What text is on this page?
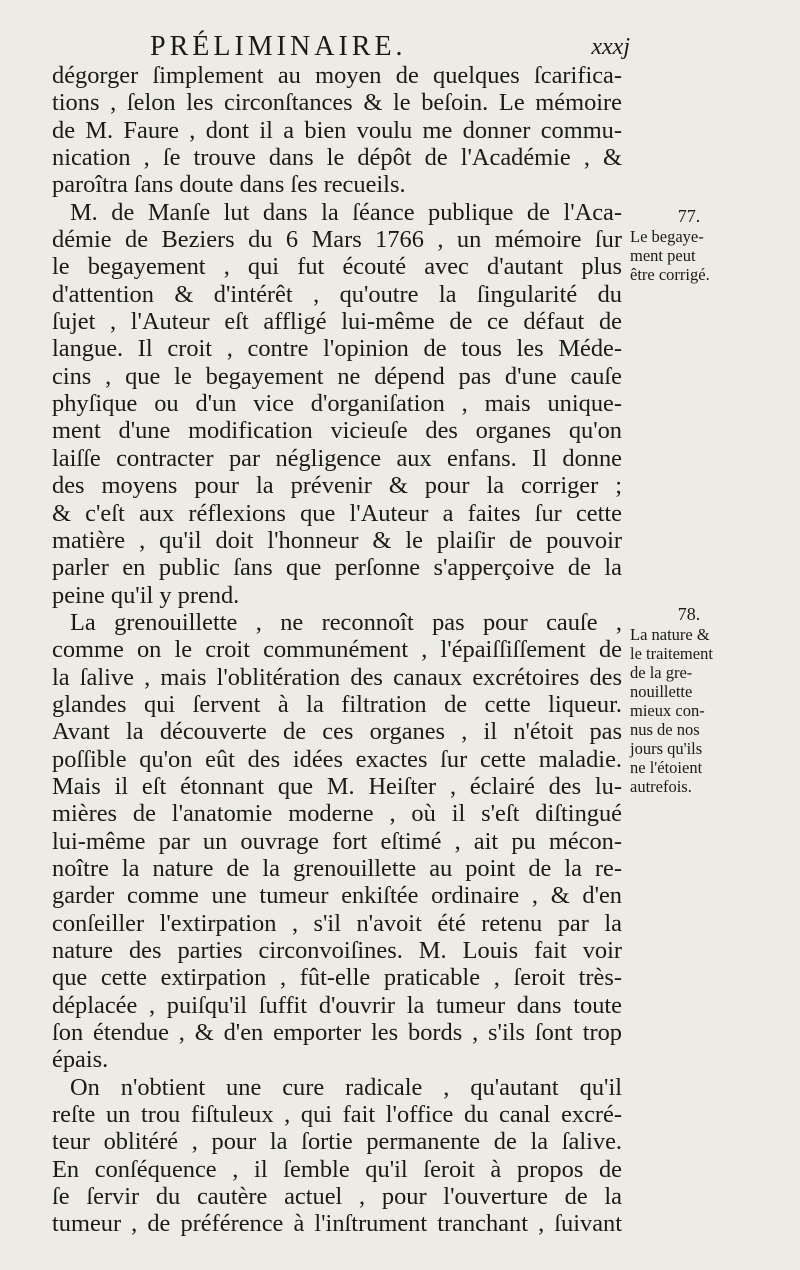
PRÉLIMINAIRE.	xxxj
dégorger ſimplement au moyen de quelques ſcarifica-
tions , ſelon les circonſtances & le beſoin. Le mémoire
de M. Faure , dont il a bien voulu me donner commu-
nication , ſe trouve dans le dépôt de l'Académie , &
paroîtra ſans doute dans ſes recueils.
M. de Manſe lut dans la ſéance publique de l'Aca-
démie de Beziers du 6 Mars 1766 , un mémoire ſur
le begayement , qui fut écouté avec d'autant plus
d'attention & d'intérêt , qu'outre la ſingularité du
ſujet , l'Auteur eſt affligé lui-même de ce défaut de
langue. Il croit , contre l'opinion de tous les Méde-
cins , que le begayement ne dépend pas d'une cauſe
phyſique ou d'un vice d'organiſation , mais unique-
ment d'une modification vicieuſe des organes qu'on
laiſſe contracter par négligence aux enfans. Il donne
des moyens pour la prévenir & pour la corriger ;
& c'eſt aux réflexions que l'Auteur a faites ſur cette
matière , qu'il doit l'honneur & le plaiſir de pouvoir
parler en public ſans que perſonne s'apperçoive de la
peine qu'il y prend.
La grenouillette , ne reconnoît pas pour cauſe ,
comme on le croit communément , l'épaiſſiſſement de
la ſalive , mais l'oblitération des canaux excrétoires des
glandes qui ſervent à la filtration de cette liqueur.
Avant la découverte de ces organes , il n'étoit pas
poſſible qu'on eût des idées exactes ſur cette maladie.
Mais il eſt étonnant que M. Heiſter , éclairé des lu-
mières de l'anatomie moderne , où il s'eſt diſtingué
lui-même par un ouvrage fort eſtimé , ait pu mécon-
noître la nature de la grenouillette au point de la re-
garder comme une tumeur enkiſtée ordinaire , & d'en
conſeiller l'extirpation , s'il n'avoit été retenu par la
nature des parties circonvoiſines. M. Louis fait voir
que cette extirpation , fût-elle praticable , ſeroit très-
déplacée , puiſqu'il ſuffit d'ouvrir la tumeur dans toute
ſon étendue , & d'en emporter les bords , s'ils ſont trop
épais.
On n'obtient une cure radicale , qu'autant qu'il
reſte un trou fiſtuleux , qui fait l'office du canal excré-
teur oblitéré , pour la ſortie permanente de la ſalive.
En conſéquence , il ſemble qu'il ſeroit à propos de
ſe ſervir du cautère actuel , pour l'ouverture de la
tumeur , de préférence à l'inſtrument tranchant , ſuivant
77.
Le begaye-
ment peut
être corrigé.
78.
La nature &
le traitement
de la gre-
nouillette
mieux con-
nus de nos
jours qu'ils
ne l'étoient
autrefois.
